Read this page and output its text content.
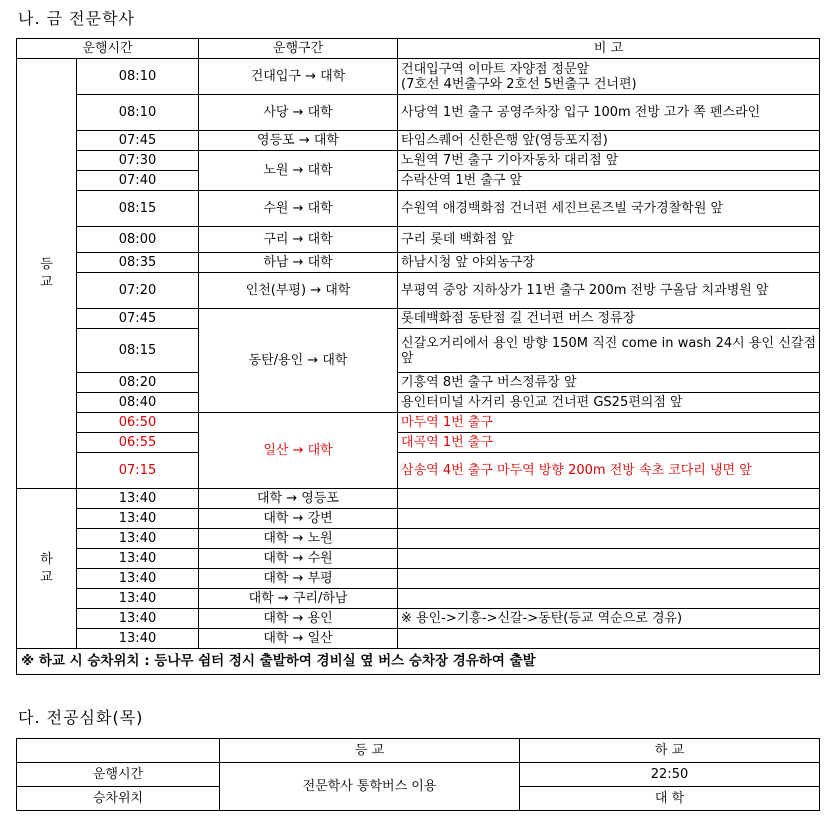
나. 금 전문학사
운행시간		운행구간	비 고
등
교	08:10	건대입구 → 대학	건대입구역 이마트 자양점 정문앞
(7호선 4번출구와 2호선 5번출구 건너편)
	08:10	사당 → 대학	사당역 1번 출구 공영주차장 입구 100m 전방 고가 쪽 펜스라인
	07:45	영등포 → 대학	타임스퀘어 신한은행 앞(영등포지점)
	07:30	노원 → 대학	노원역 7번 출구 기아자동차 대리점 앞
	07:40		수락산역 1번 출구 앞
	08:15	수원 → 대학	수원역 애경백화점 건너편 세진브론즈빌 국가경찰학원 앞
	08:00	구리 → 대학	구리 롯데 백화점 앞
	08:35	하남 → 대학	하남시청 앞 야외농구장
	07:20	인천(부평) → 대학	부평역 중앙 지하상가 11번 출구 200m 전방 구올담 치과병원 앞
	07:45	동탄/용인 → 대학	롯데백화점 동탄점 길 건너편 버스 정류장
	08:15		신갈오거리에서 용인 방향 150M 직진 come in wash 24시 용인 신갈점 앞
	08:20		기흥역 8번 출구 버스정류장 앞
	08:40		용인터미널 사거리 용인교 건너편 GS25편의점 앞
	06:50	일산 → 대학	마두역 1번 출구
	06:55		대곡역 1번 출구
	07:15		삼송역 4번 출구 마두역 방향 200m 전방 속초 코다리 냉면 앞
하
교	13:40	대학 → 영등포	
	13:40	대학 → 강변	
	13:40	대학 → 노원	
	13:40	대학 → 수원	
	13:40	대학 → 부평	
	13:40	대학 → 구리/하남	
	13:40	대학 → 용인	※ 용인->기흥->신갈->동탄(등교 역순으로 경유)
	13:40	대학 → 일산	
※ 하교 시 승차위치 : 등나무 쉼터 정시 출발하여 경비실 옆 버스 승차장 경유하여 출발			
다. 전공심화(목)
	등 교	하 교
운행시간	전문학사 통학버스 이용	22:50
승차위치		대 학
